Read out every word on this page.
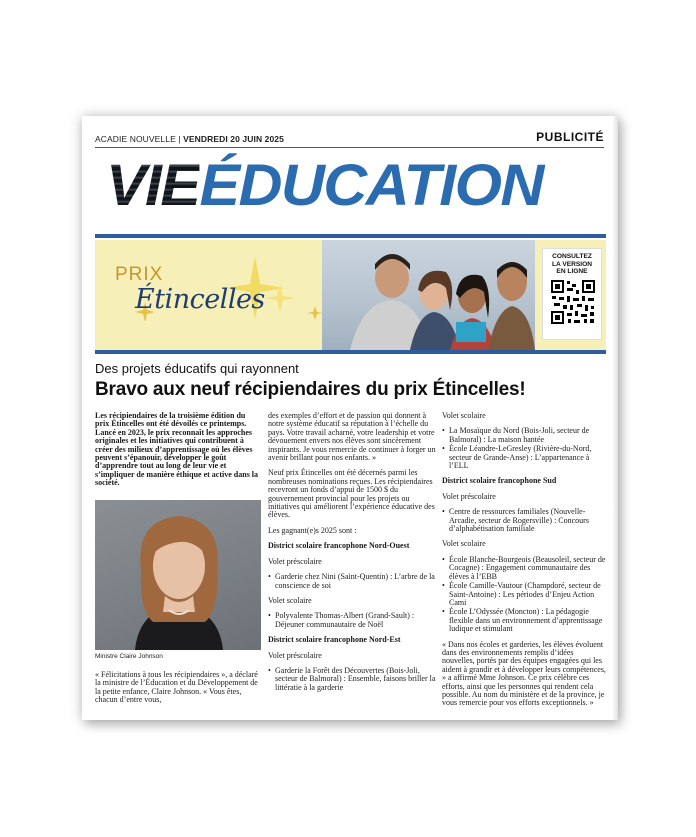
ACADIE NOUVELLE | VENDREDI 20 JUIN 2025	PUBLICITÉ
VIEÉDUCATION
PRIX
Étincelles
CONSULTEZ
LA VERSION
EN LIGNE
Des projets éducatifs qui rayonnent
Bravo aux neuf récipiendaires du prix Étincelles!

Les récipiendaires de la troisième édition du prix Étincelles ont été dévoilés ce printemps. Lancé en 2023, le prix reconnaît les approches originales et les initiatives qui contribuent à créer des milieux d’apprentissage où les élèves peuvent s’épanouir, développer le goût d’apprendre tout au long de leur vie et s’impliquer de manière éthique et active dans la société.

Ministre Claire Johnson

« Félicitations à tous les récipiendaires », a déclaré la ministre de l’Éducation et du Développement de la petite enfance, Claire Johnson. « Vous êtes, chacun d’entre vous,

des exemples d’effort et de passion qui donnent à notre système éducatif sa réputation à l’échelle du pays. Votre travail acharné, votre leadership et votre dévouement envers nos élèves sont sincèrement inspirants. Je vous remercie de continuer à forger un avenir brillant pour nos enfants. »

Neuf prix Étincelles ont été décernés parmi les nombreuses nominations reçues. Les récipiendaires recevront un fonds d’appui de 1500 $ du gouvernement provincial pour les projets ou initiatives qui améliorent l’expérience éducative des élèves.

Les gagnant(e)s 2025 sont :

District scolaire francophone Nord-Ouest

Volet préscolaire

• Garderie chez Nini (Saint-Quentin) : L’arbre de la conscience de soi

Volet scolaire

• Polyvalente Thomas-Albert (Grand-Sault) : Déjeuner communautaire de Noël

District scolaire francophone Nord-Est

Volet préscolaire

• Garderie la Forêt des Découvertes (Bois-Joli, secteur de Balmoral) : Ensemble, faisons briller la littératie à la garderie

Volet scolaire

• La Mosaïque du Nord (Bois-Joli, secteur de Balmoral) : La maison hantée
• École Léandre-LeGresley (Rivière-du-Nord, secteur de Grande-Anse) : L’appartenance à l’ELL

District scolaire francophone Sud

Volet préscolaire

• Centre de ressources familiales (Nouvelle-Arcadie, secteur de Rogersville) : Concours d’alphabétisation familiale

Volet scolaire

• École Blanche-Bourgeois (Beausoleil, secteur de Cocagne) : Engagement communautaire des élèves à l’EBB
• École Camille-Vautour (Champdoré, secteur de Saint-Antoine) : Les périodes d’Enjeu Action Cami
• École L’Odyssée (Moncton) : La pédagogie flexible dans un environnement d’apprentissage ludique et stimulant

« Dans nos écoles et garderies, les élèves évoluent dans des environnements remplis d’idées nouvelles, portés par des équipes engagées qui les aident à grandir et à développer leurs compétences, » a affirmé Mme Johnson. Ce prix célèbre ces efforts, ainsi que les personnes qui rendent cela possible. Au nom du ministère et de la province, je vous remercie pour vos efforts exceptionnels. »
